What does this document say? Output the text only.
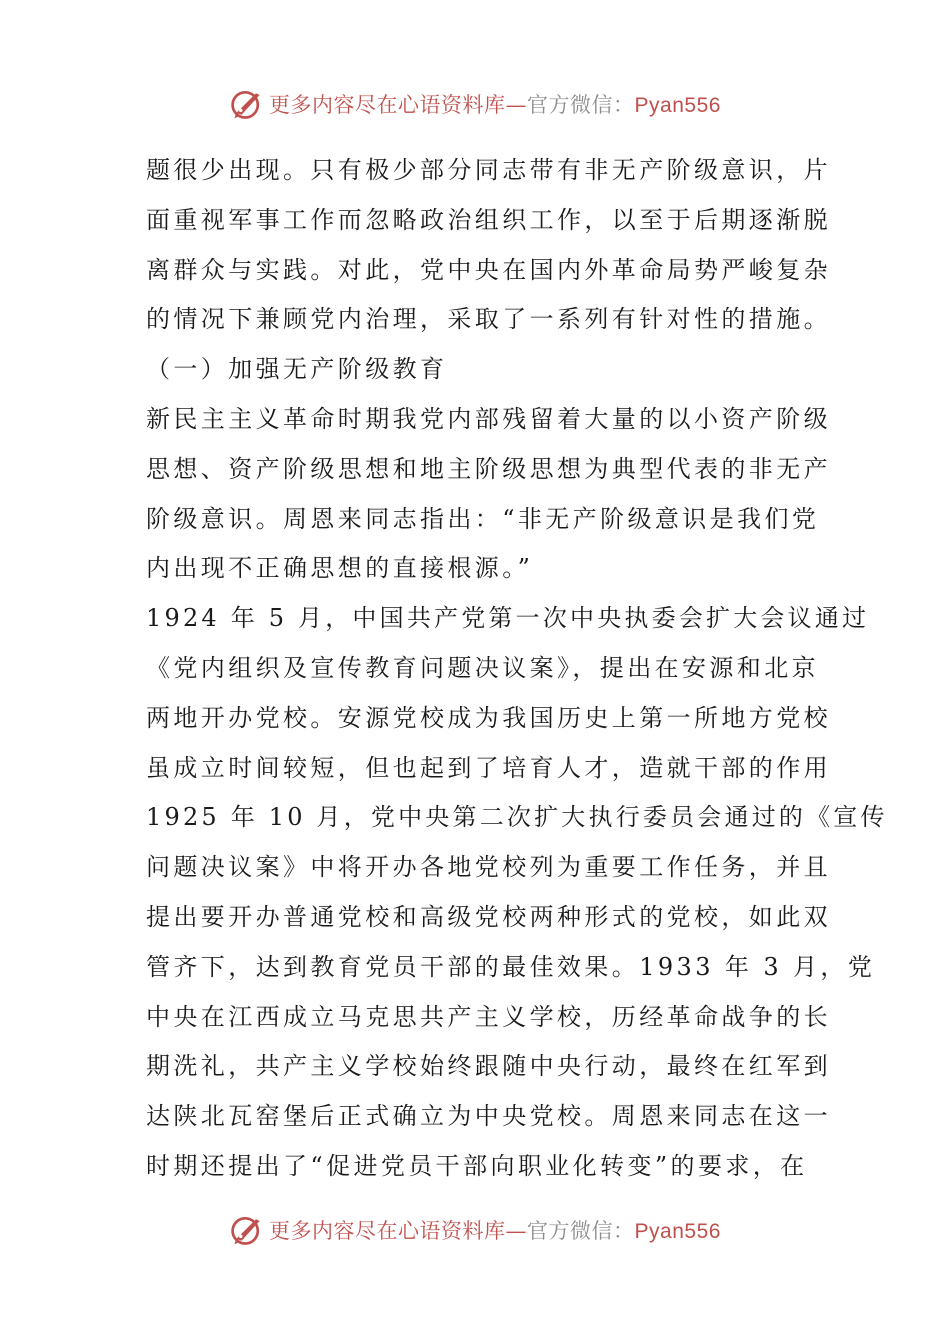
更多内容尽在心语资料库—官方微信：Pyan556
题很少出现。只有极少部分同志带有非无产阶级意识，片
面重视军事工作而忽略政治组织工作，以至于后期逐渐脱
离群众与实践。对此，党中央在国内外革命局势严峻复杂
的情况下兼顾党内治理，采取了一系列有针对性的措施。
（一）加强无产阶级教育
新民主主义革命时期我党内部残留着大量的以小资产阶级
思想、资产阶级思想和地主阶级思想为典型代表的非无产
阶级意识。周恩来同志指出：“非无产阶级意识是我们党
内出现不正确思想的直接根源。”
1924 年 5 月，中国共产党第一次中央执委会扩大会议通过
《党内组织及宣传教育问题决议案》，提出在安源和北京
两地开办党校。安源党校成为我国历史上第一所地方党校
虽成立时间较短，但也起到了培育人才，造就干部的作用
1925 年 10 月，党中央第二次扩大执行委员会通过的《宣传
问题决议案》中将开办各地党校列为重要工作任务，并且
提出要开办普通党校和高级党校两种形式的党校，如此双
管齐下，达到教育党员干部的最佳效果。1933 年 3 月，党
中央在江西成立马克思共产主义学校，历经革命战争的长
期洗礼，共产主义学校始终跟随中央行动，最终在红军到
达陕北瓦窑堡后正式确立为中央党校。周恩来同志在这一
时期还提出了“促进党员干部向职业化转变”的要求，在
更多内容尽在心语资料库—官方微信：Pyan556
